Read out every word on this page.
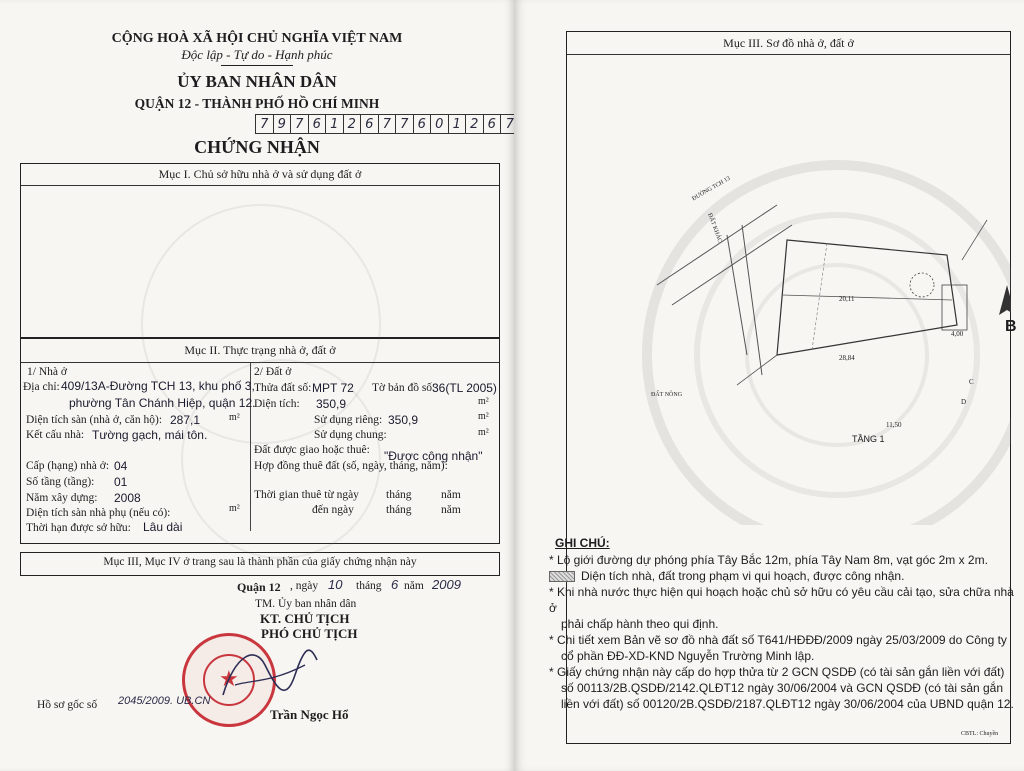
CỘNG HOÀ XÃ HỘI CHỦ NGHĨA VIỆT NAM
Độc lập - Tự do - Hạnh phúc
ỦY BAN NHÂN DÂN
QUẬN 12 - THÀNH PHỐ HỒ CHÍ MINH
7 9 7 6 1 2 6 7 7 6 0 1 2 6 7
CHỨNG NHẬN
Mục I. Chủ sở hữu nhà ở và sử dụng đất ở
Mục II. Thực trạng nhà ở, đất ở
1/ Nhà ở
Địa chỉ: 409/13A-Đường TCH 13, khu phố 3,
phường Tân Chánh Hiệp, quận 12.
Diện tích sàn (nhà ở, căn hộ): 287,1	m²
Kết cấu nhà: Tường gạch, mái tôn.
Cấp (hạng) nhà ở: 04
Số tầng (tầng): 01
Năm xây dựng: 2008
Diện tích sàn nhà phụ (nếu có):	m²
Thời hạn được sở hữu: Lâu dài
2/ Đất ở
Thửa đất số: MPT 72 Tờ bản đồ số:
36(TL 2005)
Diện tích: 350,9	m²
Sử dụng riêng: 350,9	m²
Sử dụng chung:	m²
Đất được giao hoặc thuê: "Được công nhận"
Hợp đồng thuê đất (số, ngày, tháng, năm):
Thời gian thuê từ ngày tháng	năm
đến ngày	tháng	năm
Mục III, Mục IV ở trang sau là thành phần của giấy chứng nhận này
Quận 12 , ngày 10 tháng 6 năm 2009
TM. Ủy ban nhân dân
KT. CHỦ TỊCH
PHÓ CHỦ TỊCH
★
Trần Ngọc Hổ
Hồ sơ gốc số 2045/2009. UB.CN
Mục III. Sơ đồ nhà ở, đất ở
B
TẦNG 1
20,11
28,84
11,50
4,00
C
D
ĐƯỜNG TCH 13
ĐẤT KHÁC
ĐẤT NÔNG
GHI CHÚ:
* Lộ giới đường dự phóng phía Tây Bắc 12m, phía Tây Nam 8m, vạt góc 2m x 2m.
Diện tích nhà, đất trong phạm vi qui hoạch, được công nhận.
* Khi nhà nước thực hiện qui hoạch hoặc chủ sở hữu có yêu cầu cải tạo, sửa chữa nhà ở
phải chấp hành theo qui định.
* Chi tiết xem Bản vẽ sơ đồ nhà đất số T641/HĐĐĐ/2009 ngày 25/03/2009 do Công ty
cổ phần ĐĐ-XD-KND Nguyễn Trường Minh lập.
* Giấy chứng nhận này cấp do hợp thửa từ 2 GCN QSDĐ (có tài sản gắn liền với đất)
số 00113/2B.QSDĐ/2142.QLĐT12 ngày 30/06/2004 và GCN QSDĐ (có tài sản gắn
liền với đất) số 00120/2B.QSDĐ/2187.QLĐT12 ngày 30/06/2004 của UBND quận 12.
CBTL: Chuyền
